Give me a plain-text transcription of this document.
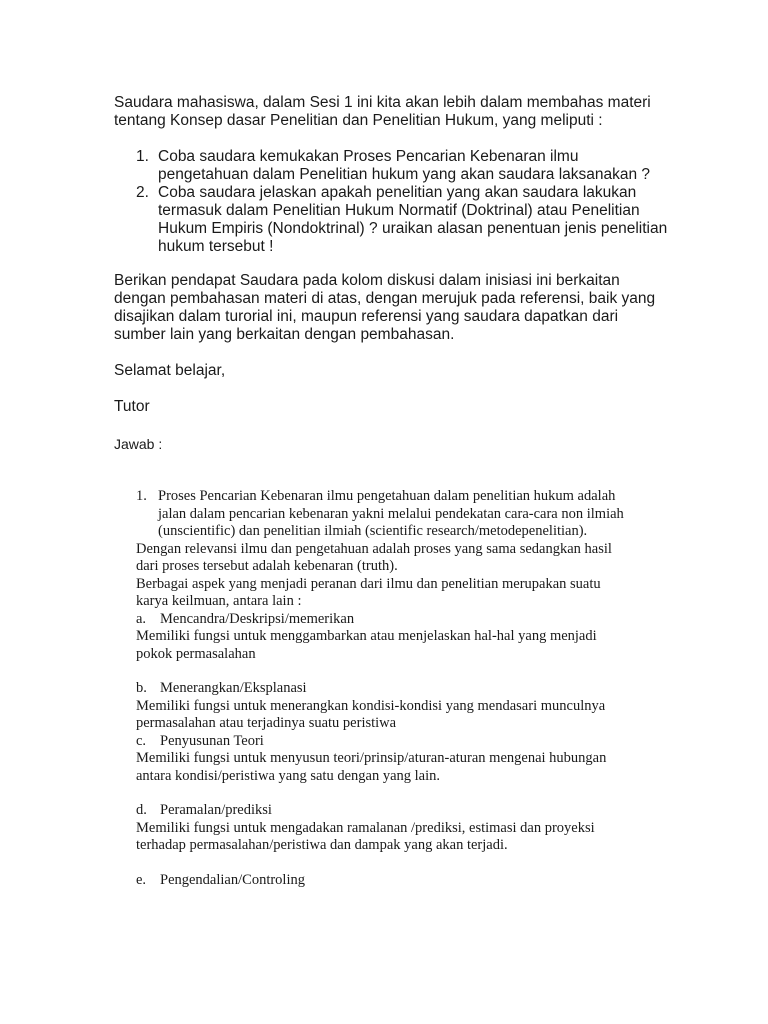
Saudara mahasiswa, dalam Sesi 1 ini kita akan lebih dalam membahas materi

tentang Konsep dasar Penelitian dan Penelitian Hukum, yang meliputi :

1. Coba saudara kemukakan Proses Pencarian Kebenaran ilmu
pengetahuan dalam Penelitian hukum yang akan saudara laksanakan ?
2. Coba saudara jelaskan apakah penelitian yang akan saudara lakukan
termasuk dalam Penelitian Hukum Normatif (Doktrinal) atau Penelitian
Hukum Empiris (Nondoktrinal) ? uraikan alasan penentuan jenis penelitian
hukum tersebut !

Berikan pendapat Saudara pada kolom diskusi dalam inisiasi ini berkaitan

dengan pembahasan materi di atas, dengan merujuk pada referensi, baik yang

disajikan dalam turorial ini, maupun referensi yang saudara dapatkan dari

sumber lain yang berkaitan dengan pembahasan.

Selamat belajar,
Tutor
Jawab :
1. Proses Pencarian Kebenaran ilmu pengetahuan dalam penelitian hukum adalah
jalan dalam pencarian kebenaran yakni melalui pendekatan cara-cara non ilmiah
(unscientific) dan penelitian ilmiah (scientific research/metodepenelitian).

Dengan relevansi ilmu dan pengetahuan adalah proses yang sama sedangkan hasil

dari proses tersebut adalah kebenaran (truth).

Berbagai aspek yang menjadi peranan dari ilmu dan penelitian merupakan suatu

karya keilmuan, antara lain :

a. Mencandra/Deskripsi/memerikan

Memiliki fungsi untuk menggambarkan atau menjelaskan hal-hal yang menjadi

pokok permasalahan

b. Menerangkan/Eksplanasi

Memiliki fungsi untuk menerangkan kondisi-kondisi yang mendasari munculnya

permasalahan atau terjadinya suatu peristiwa

c. Penyusunan Teori

Memiliki fungsi untuk menyusun teori/prinsip/aturan-aturan mengenai hubungan

antara kondisi/peristiwa yang satu dengan yang lain.

d. Peramalan/prediksi

Memiliki fungsi untuk mengadakan ramalanan /prediksi, estimasi dan proyeksi

terhadap permasalahan/peristiwa dan dampak yang akan terjadi.

e. Pengendalian/Controling
